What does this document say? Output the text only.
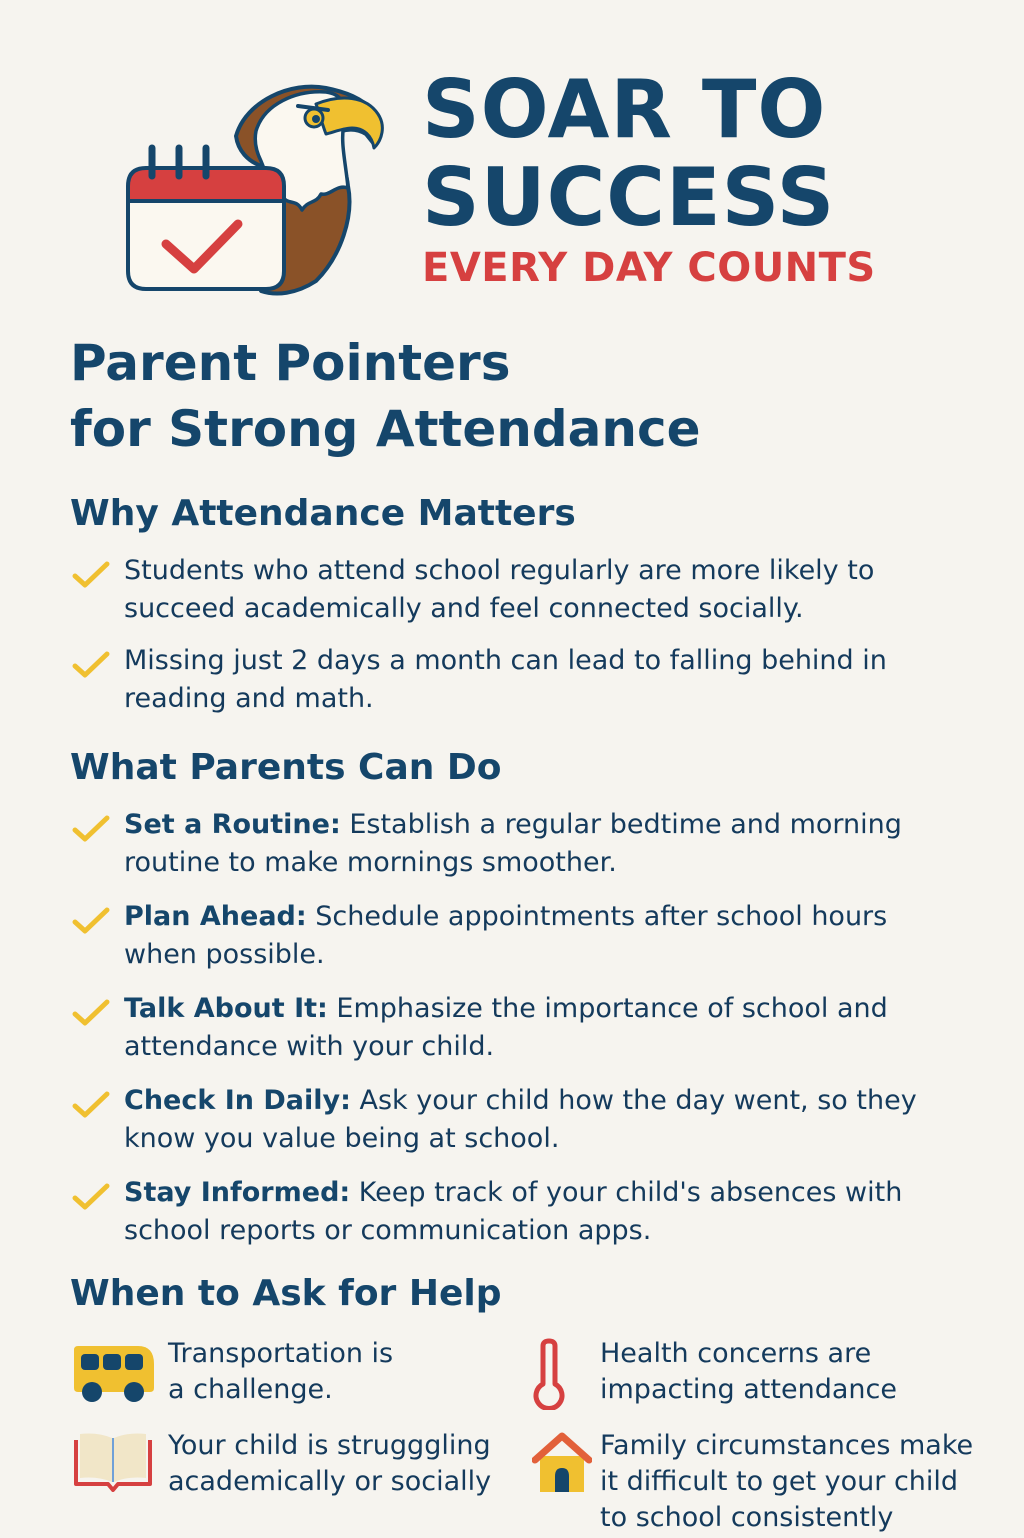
SOAR TO
SUCCESS
EVERY DAY COUNTS
Parent Pointers
for Strong Attendance
Why Attendance Matters
Students who attend school regularly are more likely to succeed academically and feel connected socially.
Missing just 2 days a month can lead to falling behind in reading and math.
What Parents Can Do
Set a Routine: Establish a regular bedtime and morning routine to make mornings smoother.
Plan Ahead: Schedule appointments after school hours when possible.
Talk About It: Emphasize the importance of school and attendance with your child.
Check In Daily: Ask your child how the day went, so they know you value being at school.
Stay Informed: Keep track of your child's absences with school reports or communication apps.
When to Ask for Help
Transportation is
a challenge.
Health concerns are
impacting attendance
Your child is strugggling
academically or socially
Family circumstances make
it difficult to get your child
to school consistently
